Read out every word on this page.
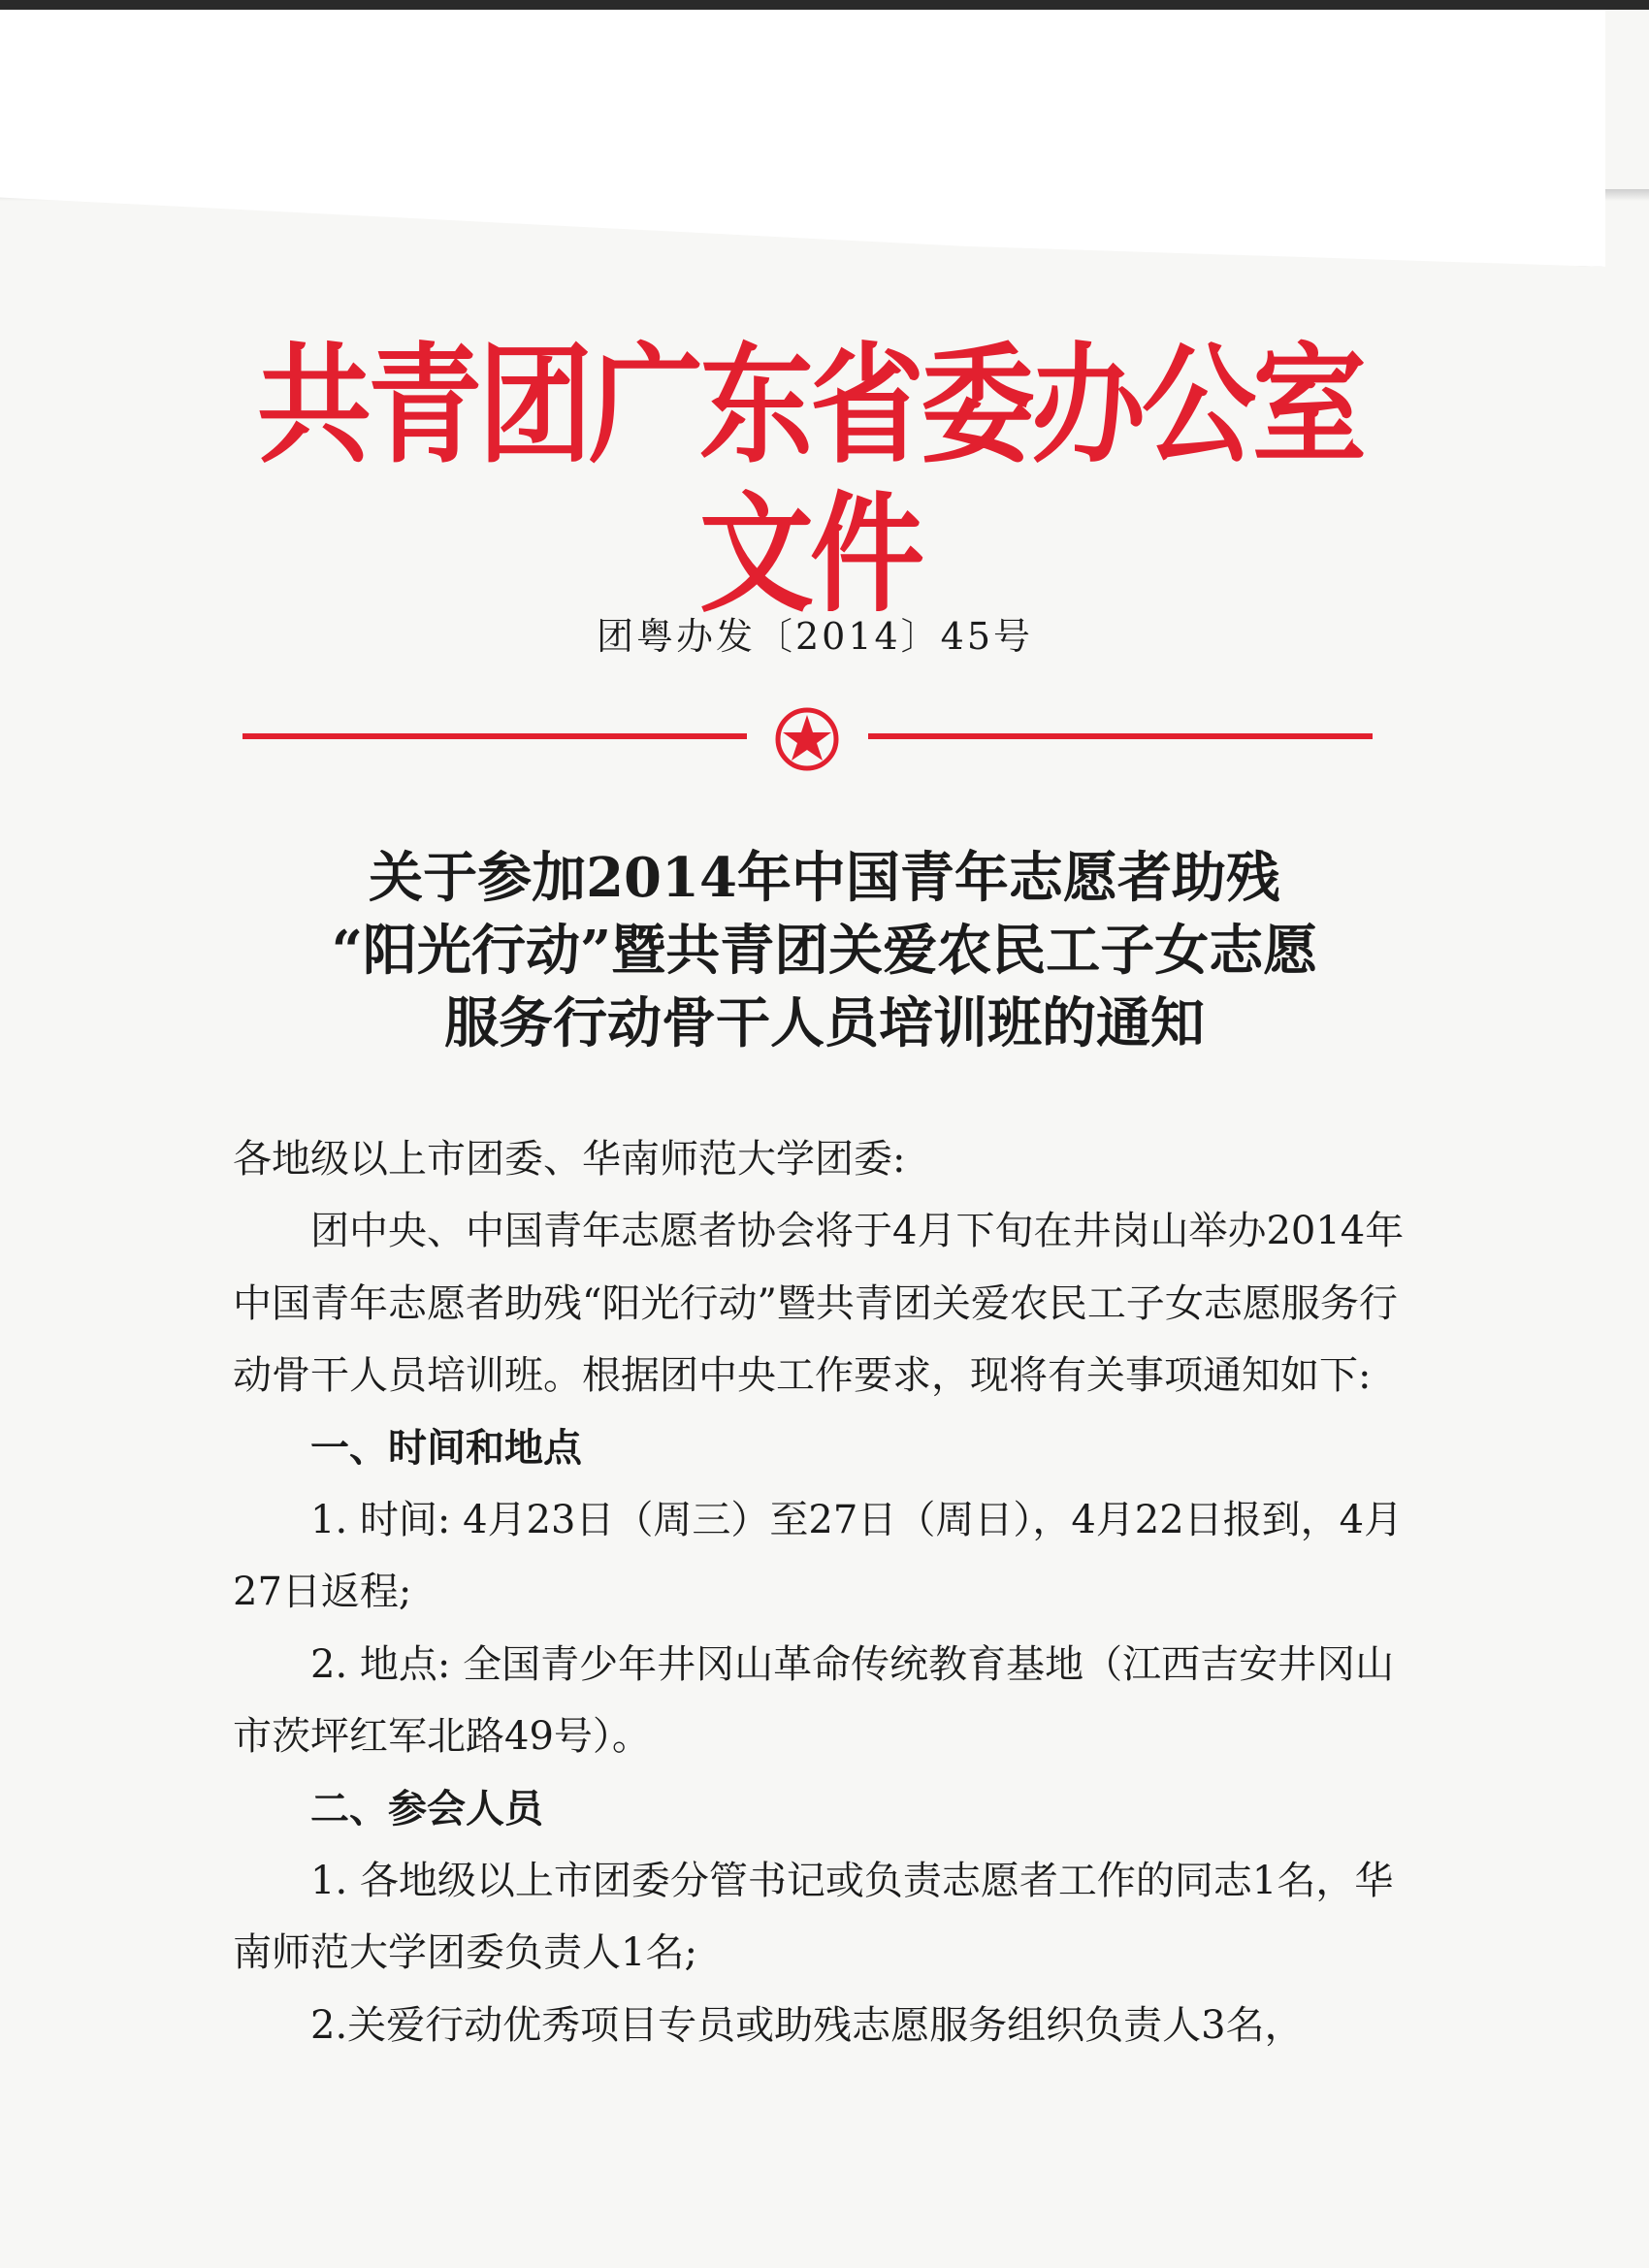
共青团广东省委办公室文件
团粤办发〔2014〕45号
关于参加2014年中国青年志愿者助残
“阳光行动”暨共青团关爱农民工子女志愿
服务行动骨干人员培训班的通知

各地级以上市团委、华南师范大学团委:

团中央、中国青年志愿者协会将于4月下旬在井岗山举办2014年中国青年志愿者助残“阳光行动”暨共青团关爱农民工子女志愿服务行动骨干人员培训班。根据团中央工作要求，现将有关事项通知如下:

一、时间和地点

1. 时间: 4月23日（周三）至27日（周日），4月22日报到，4月27日返程;

2. 地点: 全国青少年井冈山革命传统教育基地（江西吉安井冈山市茨坪红军北路49号）。

二、参会人员

1. 各地级以上市团委分管书记或负责志愿者工作的同志1名，华南师范大学团委负责人1名;

2.关爱行动优秀项目专员或助残志愿服务组织负责人3名，
